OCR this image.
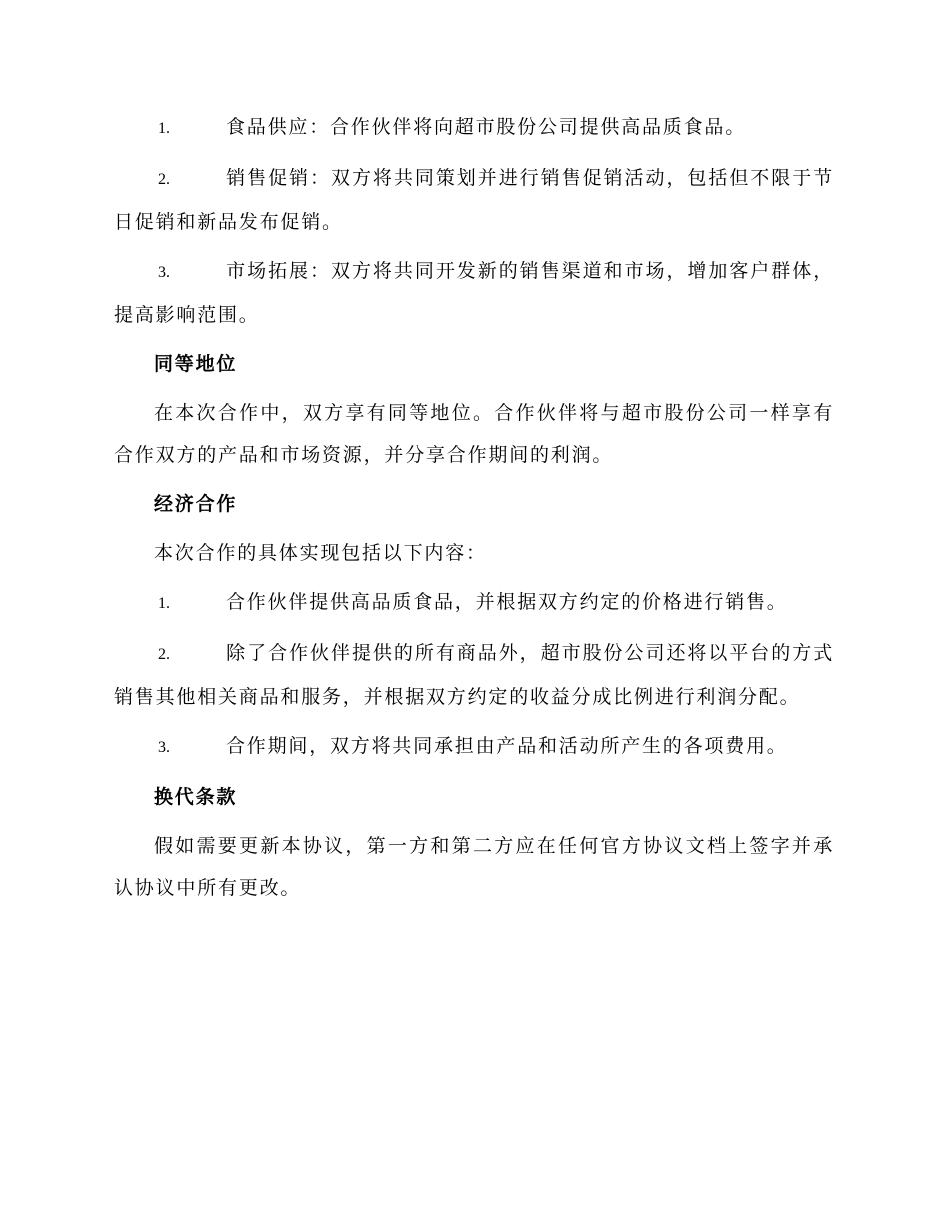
1.	食品供应：合作伙伴将向超市股份公司提供高品质食品。

2.	销售促销：双方将共同策划并进行销售促销活动，包括但不限于节日促销和新品发布促销。

3.	市场拓展：双方将共同开发新的销售渠道和市场，增加客户群体，提高影响范围。

同等地位

在本次合作中，双方享有同等地位。合作伙伴将与超市股份公司一样享有合作双方的产品和市场资源，并分享合作期间的利润。

经济合作

本次合作的具体实现包括以下内容：

1.	合作伙伴提供高品质食品，并根据双方约定的价格进行销售。

2.	除了合作伙伴提供的所有商品外，超市股份公司还将以平台的方式销售其他相关商品和服务，并根据双方约定的收益分成比例进行利润分配。

3.	合作期间，双方将共同承担由产品和活动所产生的各项费用。

换代条款

假如需要更新本协议，第一方和第二方应在任何官方协议文档上签字并承认协议中所有更改。
